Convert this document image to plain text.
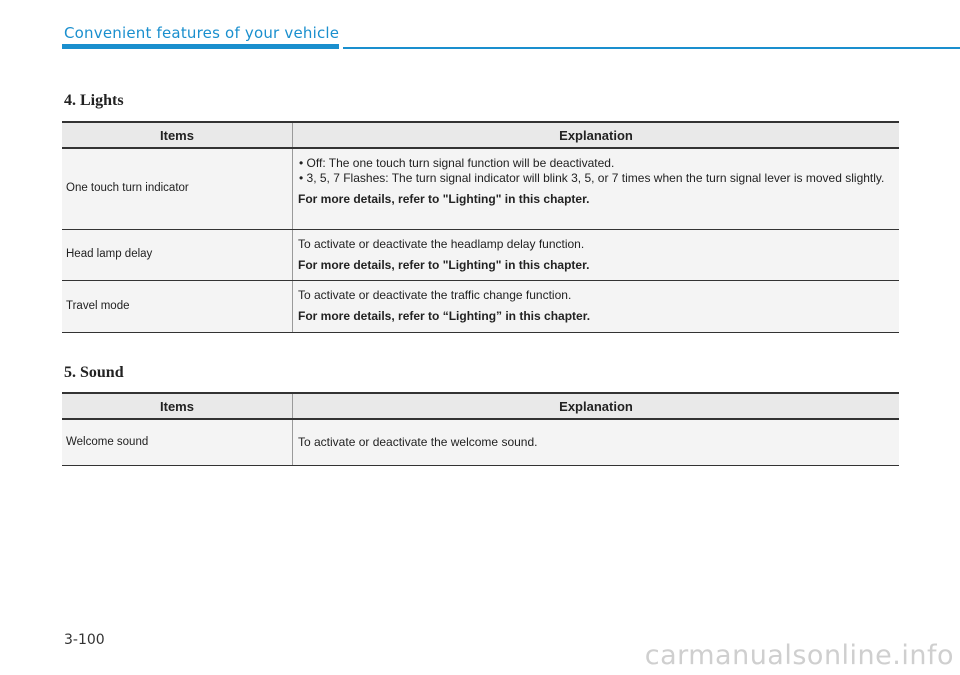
Convenient features of your vehicle
4. Lights
Items	Explanation
One touch turn indicator	• Off: The one touch turn signal function will be deactivated.
• 3, 5, 7 Flashes: The turn signal indicator will blink 3, 5, or 7 times when the turn signal lever is moved slightly.
For more details, refer to "Lighting" in this chapter.

Head lamp delay	To activate or deactivate the headlamp delay function.
For more details, refer to "Lighting" in this chapter.

Travel mode	To activate or deactivate the traffic change function.
For more details, refer to “Lighting” in this chapter.
5. Sound
Items	Explanation
Welcome sound	To activate or deactivate the welcome sound.
3-100	carmanualsonline.info
